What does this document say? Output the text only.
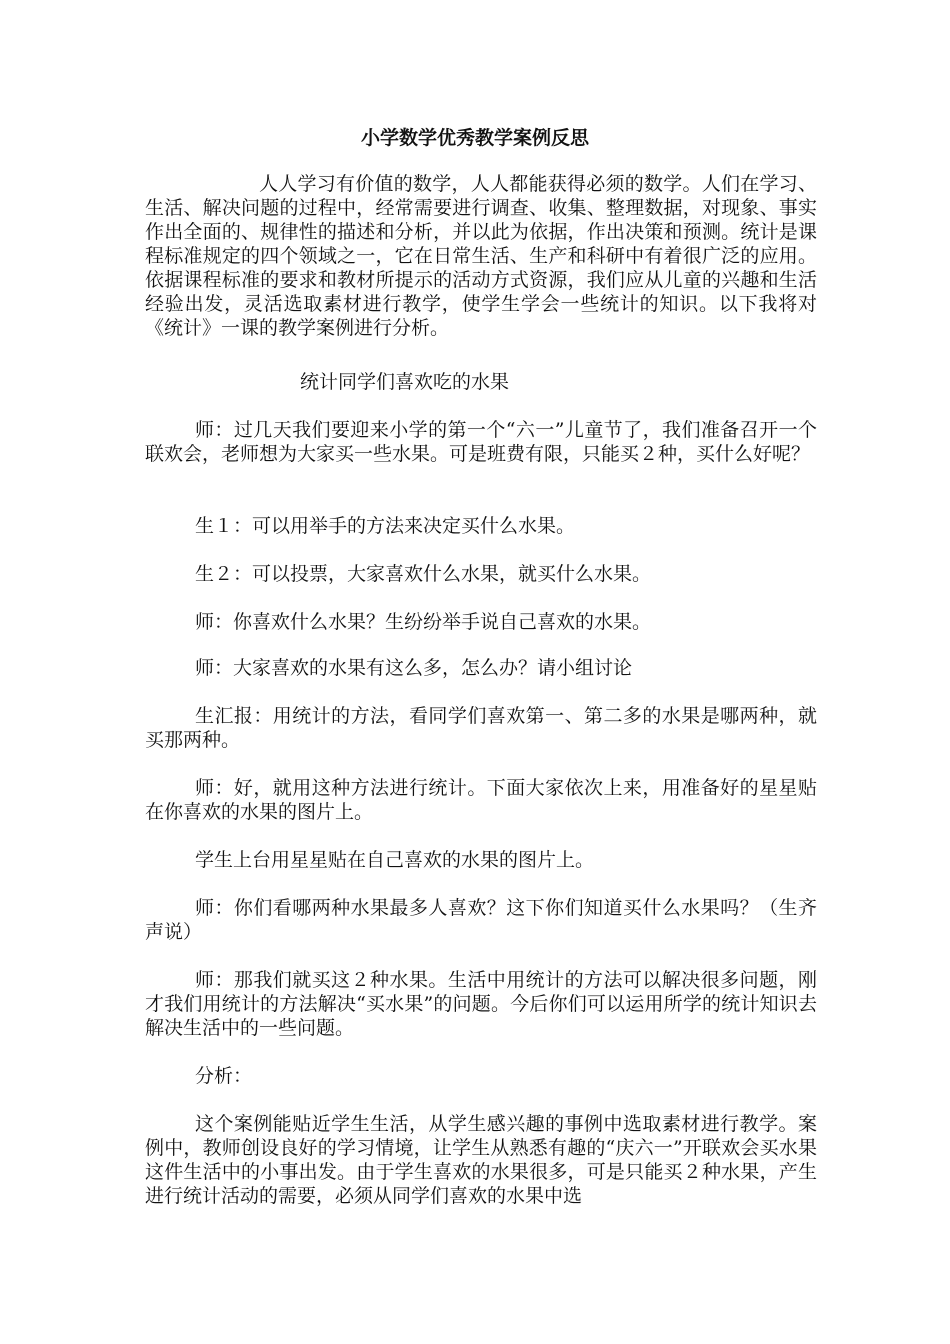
小学数学优秀教学案例反思

人人学习有价值的数学，人人都能获得必须的数学。人们在学习、生活、解决问题的过程中，经常需要进行调查、收集、整理数据，对现象、事实作出全面的、规律性的描述和分析，并以此为依据，作出决策和预测。统计是课程标准规定的四个领域之一，它在日常生活、生产和科研中有着很广泛的应用。依据课程标准的要求和教材所提示的活动方式资源，我们应从儿童的兴趣和生活经验出发，灵活选取素材进行教学，使学生学会一些统计的知识。以下我将对《统计》一课的教学案例进行分析。

统计同学们喜欢吃的水果

师：过几天我们要迎来小学的第一个“六一”儿童节了，我们准备召开一个联欢会，老师想为大家买一些水果。可是班费有限，只能买２种，买什么好呢？

生１：可以用举手的方法来决定买什么水果。

生２：可以投票，大家喜欢什么水果，就买什么水果。

师：你喜欢什么水果？生纷纷举手说自己喜欢的水果。

师：大家喜欢的水果有这么多，怎么办？请小组讨论

生汇报：用统计的方法，看同学们喜欢第一、第二多的水果是哪两种，就买那两种。

师：好，就用这种方法进行统计。下面大家依次上来，用准备好的星星贴在你喜欢的水果的图片上。

学生上台用星星贴在自己喜欢的水果的图片上。

师：你们看哪两种水果最多人喜欢？这下你们知道买什么水果吗？（生齐声说）

师：那我们就买这２种水果。生活中用统计的方法可以解决很多问题，刚才我们用统计的方法解决“买水果”的问题。今后你们可以运用所学的统计知识去解决生活中的一些问题。

分析：

这个案例能贴近学生生活，从学生感兴趣的事例中选取素材进行教学。案例中，教师创设良好的学习情境，让学生从熟悉有趣的“庆六一”开联欢会买水果这件生活中的小事出发。由于学生喜欢的水果很多，可是只能买２种水果，产生进行统计活动的需要，必须从同学们喜欢的水果中选
